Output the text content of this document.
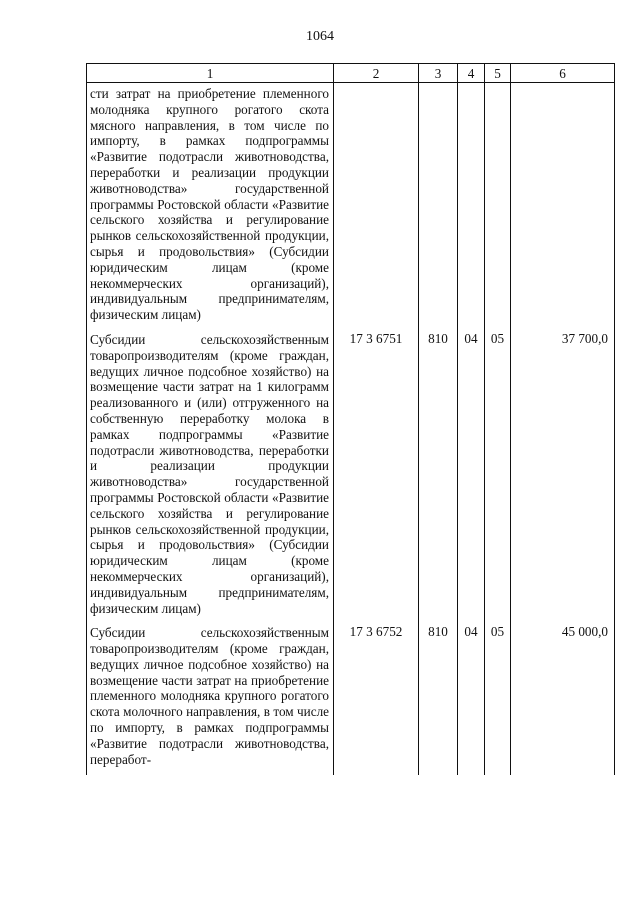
1064
1	2	3	4	5	6
сти затрат на приобретение племенного молодняка крупного рогатого скота мясного направления, в том числе по импорту, в рамках подпрограммы «Развитие подотрасли животноводства, переработки и реализации продукции животноводства» государственной программы Ростовской области «Развитие сельского хозяйства и регулирование рынков сельскохозяйственной продукции, сырья и продовольствия» (Субсидии юридическим лицам (кроме некоммерческих организаций), индивидуальным предпринимателям, физическим лицам)					
Субсидии сельскохозяйственным товаропроизводителям (кроме граждан, ведущих личное подсобное хозяйство) на возмещение части затрат на 1 килограмм реализованного и (или) отгруженного на собственную переработку молока в рамках подпрограммы «Развитие подотрасли животноводства, переработки и реализации продукции животноводства» государственной программы Ростовской области «Развитие сельского хозяйства и регулирование рынков сельскохозяйственной продукции, сырья и продовольствия» (Субсидии юридическим лицам (кроме некоммерческих организаций), индивидуальным предпринимателям, физическим лицам)	17 3 6751	810	04	05	37 700,0
Субсидии сельскохозяйственным товаропроизводителям (кроме граждан, ведущих личное подсобное хозяйство) на возмещение части затрат на приобретение племенного молодняка крупного рогатого скота молочного направления, в том числе по импорту, в рамках подпрограммы «Развитие подотрасли животноводства, переработ-	17 3 6752	810	04	05	45 000,0
